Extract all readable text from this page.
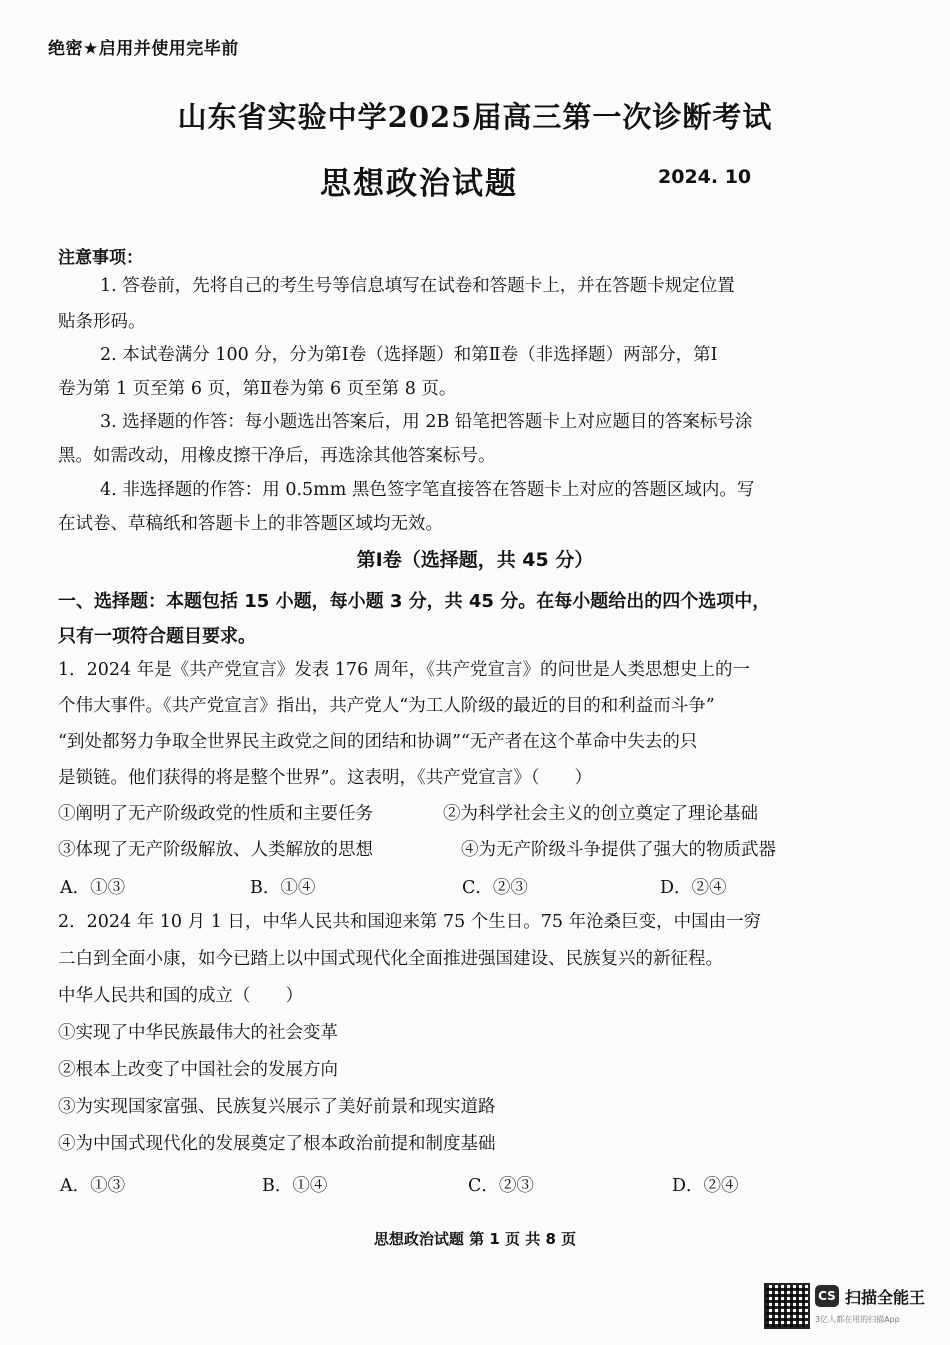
绝密★启用并使用完毕前
山东省实验中学2025届高三第一次诊断考试
思想政治试题	2024. 10
注意事项：
1. 答卷前，先将自己的考生号等信息填写在试卷和答题卡上，并在答题卡规定位置
贴条形码。
2. 本试卷满分 100 分，分为第Ⅰ卷（选择题）和第Ⅱ卷（非选择题）两部分，第Ⅰ
卷为第 1 页至第 6 页，第Ⅱ卷为第 6 页至第 8 页。
3. 选择题的作答：每小题选出答案后，用 2B 铅笔把答题卡上对应题目的答案标号涂
黑。如需改动，用橡皮擦干净后，再选涂其他答案标号。
4. 非选择题的作答：用 0.5mm 黑色签字笔直接答在答题卡上对应的答题区域内。写
在试卷、草稿纸和答题卡上的非答题区域均无效。
第Ⅰ卷（选择题，共 45 分）
一、选择题：本题包括 15 小题，每小题 3 分，共 45 分。在每小题给出的四个选项中，
只有一项符合题目要求。
1．2024 年是《共产党宣言》发表 176 周年，《共产党宣言》的问世是人类思想史上的一
个伟大事件。《共产党宣言》指出，共产党人“为工人阶级的最近的目的和利益而斗争”
“到处都努力争取全世界民主政党之间的团结和协调”“无产者在这个革命中失去的只
是锁链。他们获得的将是整个世界”。这表明，《共产党宣言》（　　）
①阐明了无产阶级政党的性质和主要任务	②为科学社会主义的创立奠定了理论基础
③体现了无产阶级解放、人类解放的思想	④为无产阶级斗争提供了强大的物质武器
A．①③	B．①④	C．②③	D．②④
2．2024 年 10 月 1 日，中华人民共和国迎来第 75 个生日。75 年沧桑巨变，中国由一穷
二白到全面小康，如今已踏上以中国式现代化全面推进强国建设、民族复兴的新征程。
中华人民共和国的成立（　　）
①实现了中华民族最伟大的社会变革
②根本上改变了中国社会的发展方向
③为实现国家富强、民族复兴展示了美好前景和现实道路
④为中国式现代化的发展奠定了根本政治前提和制度基础
A．①③	B．①④	C．②③	D．②④
思想政治试题 第 1 页 共 8 页
CS 扫描全能王
3亿人都在用的扫描App
